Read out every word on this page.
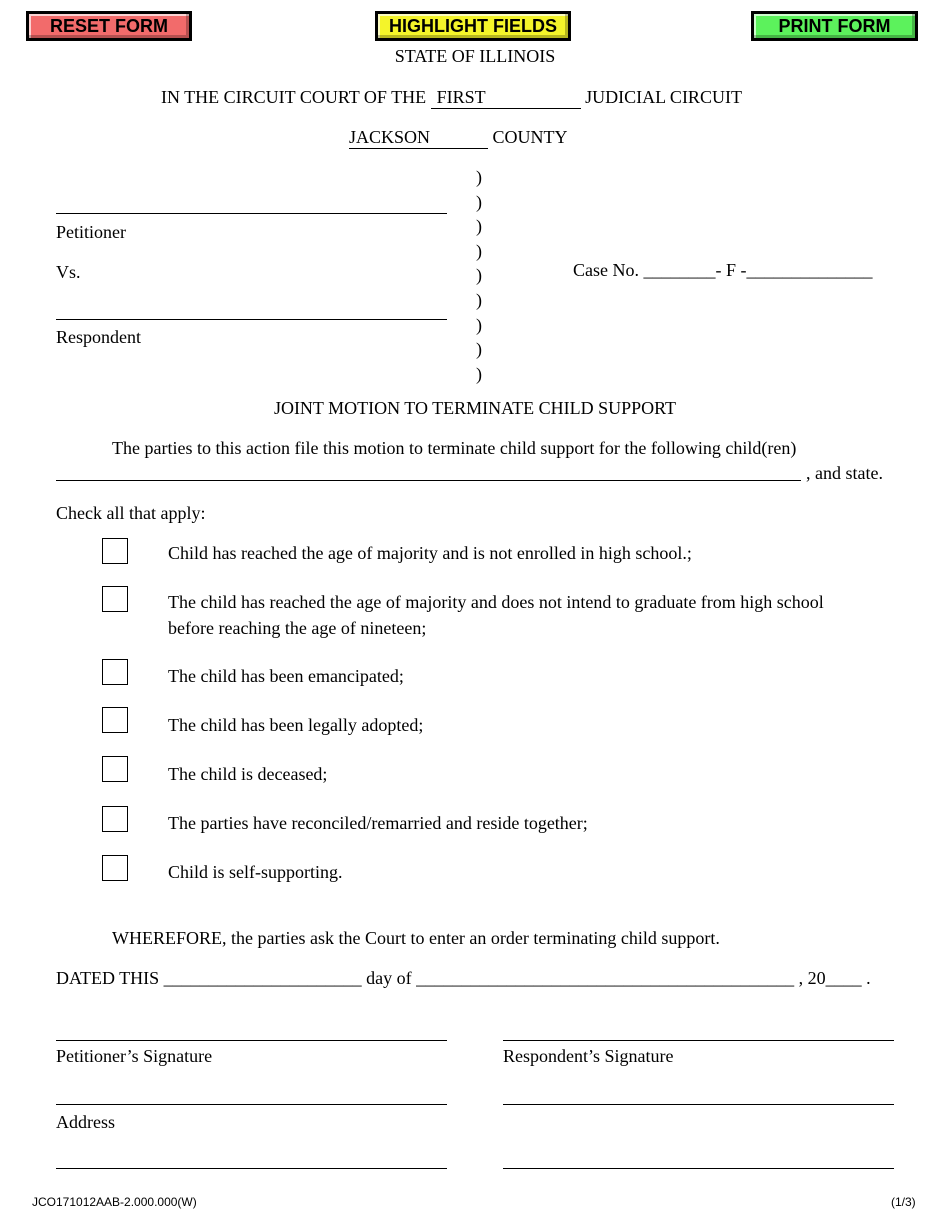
RESET FORM	HIGHLIGHT FIELDS	PRINT FORM
STATE OF ILLINOIS
IN THE CIRCUIT COURT OF THE FIRST	JUDICIAL CIRCUIT
JACKSON	COUNTY
Petitioner
Vs.
Respondent
)
)
)
)
)
)
)
)
)
Case No. ________- F -______________
JOINT MOTION TO TERMINATE CHILD SUPPORT
The parties to this action file this motion to terminate child support for the following child(ren)
, and state.
Check all that apply:
Child has reached the age of majority and is not enrolled in high school.;
The child has reached the age of majority and does not intend to graduate from high school before reaching the age of nineteen;
The child has been emancipated;
The child has been legally adopted;
The child is deceased;
The parties have reconciled/remarried and reside together;
Child is self-supporting.
WHEREFORE, the parties ask the Court to enter an order terminating child support.
DATED THIS ______________________ day of __________________________________________ , 20____ .
Petitioner’s Signature	Respondent’s Signature
Address
JCO171012AAB-2.000.000(W)	(1/3)
